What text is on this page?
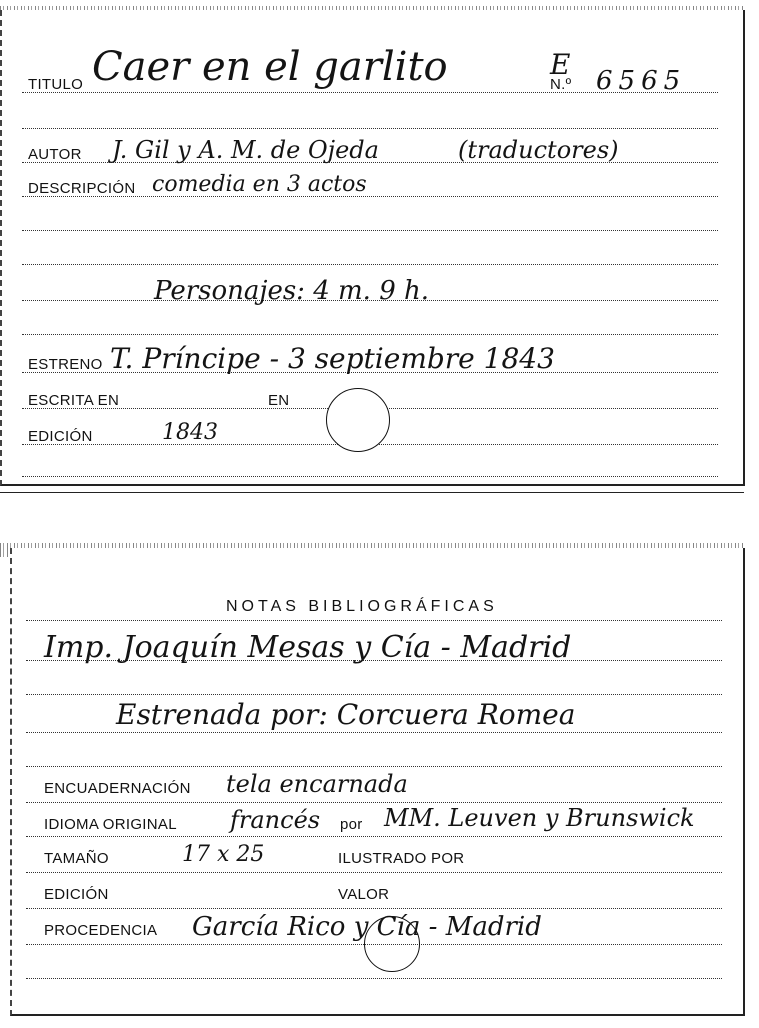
TITULO Caer en el garlito	E
N.º 6565
AUTOR J. Gil y A. M. de Ojeda	(traductores)
DESCRIPCIÓN comedia en 3 actos
Personajes: 4 m. 9 h.
ESTRENO T. Príncipe - 3 septiembre 1843
ESCRITA EN	EN
EDICIÓN	1843
NOTAS BIBLIOGRÁFICAS
Imp. Joaquín Mesas y Cía - Madrid
Estrenada por: Corcuera Romea
ENCUADERNACIÓN tela encarnada
IDIOMA ORIGINAL francés por MM. Leuven y Brunswick
TAMAÑO	17 x 25	ILUSTRADO POR
EDICIÓN	VALOR
PROCEDENCIA García Rico y Cía - Madrid
